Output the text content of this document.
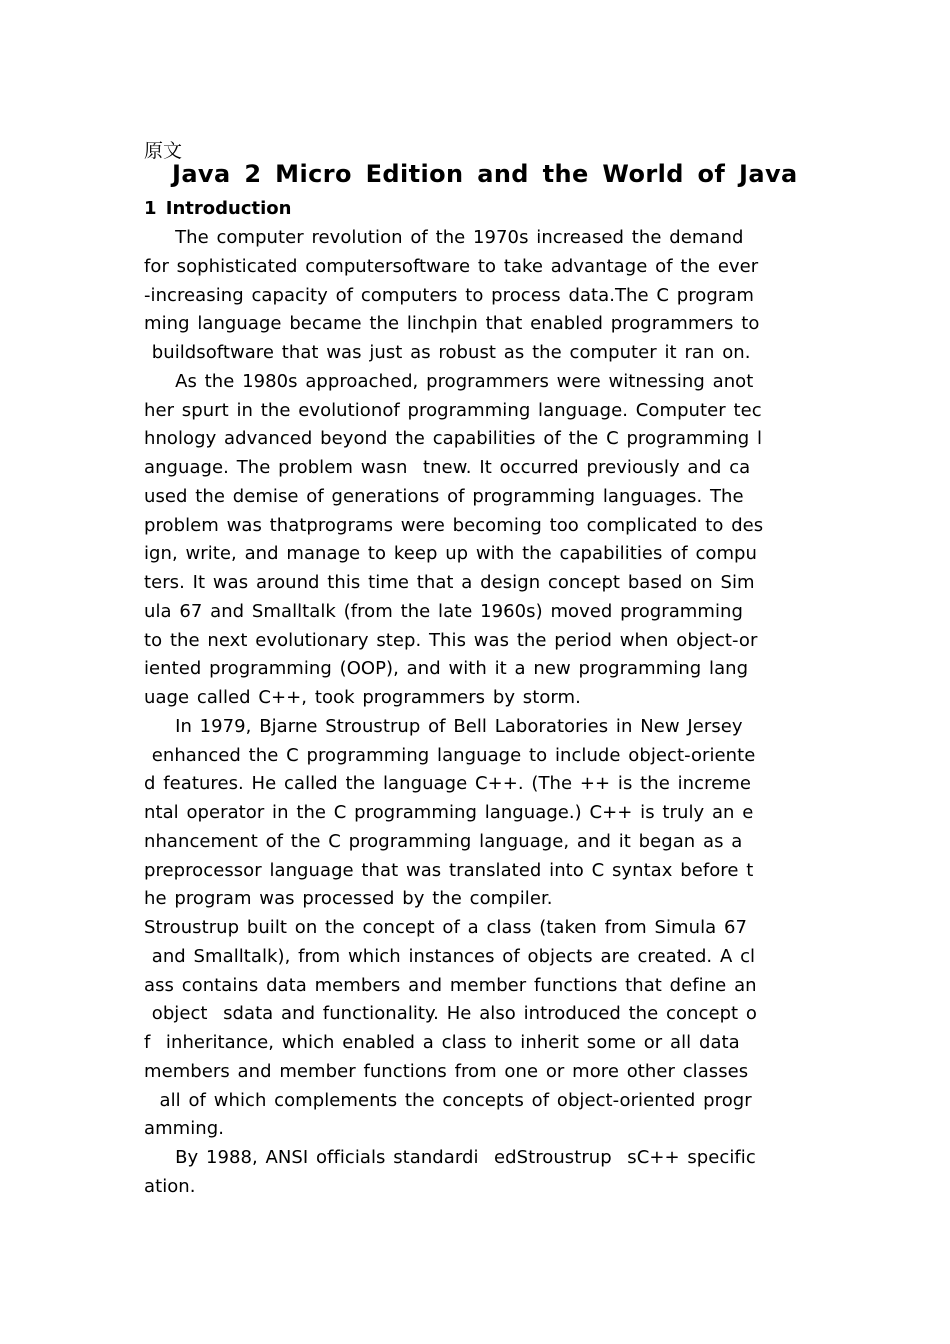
原文
Java 2 Micro Edition and the World of Java
1 Introduction
The computer revolution of the 1970s increased the demand
for sophisticated computersoftware to take advantage of the ever
-increasing capacity of computers to process data.The C program
ming language became the linchpin that enabled programmers to
buildsoftware that was just as robust as the computer it ran on.
As the 1980s approached, programmers were witnessing anot
her spurt in the evolutionof programming language. Computer tec
hnology advanced beyond the capabilities of the C programming l
anguage. The problem wasn  tnew. It occurred previously and ca
used the demise of generations of programming languages. The
problem was thatprograms were becoming too complicated to des
ign, write, and manage to keep up with the capabilities of compu
ters. It was around this time that a design concept based on Sim
ula 67 and Smalltalk (from the late 1960s) moved programming
to the next evolutionary step. This was the period when object-or
iented programming (OOP), and with it a new programming lang
uage called C++, took programmers by storm.
In 1979, Bjarne Stroustrup of Bell Laboratories in New Jersey
enhanced the C programming language to include object-oriente
d features. He called the language C++. (The ++ is the increme
ntal operator in the C programming language.) C++ is truly an e
nhancement of the C programming language, and it began as a
preprocessor language that was translated into C syntax before t
he program was processed by the compiler.
Stroustrup built on the concept of a class (taken from Simula 67
and Smalltalk), from which instances of objects are created. A cl
ass contains data members and member functions that define an
object  sdata and functionality. He also introduced the concept o
f  inheritance, which enabled a class to inherit some or all data
members and member functions from one or more other classes
all of which complements the concepts of object-oriented progr
amming.
By 1988, ANSI officials standardi  edStroustrup  sC++ specific
ation.
